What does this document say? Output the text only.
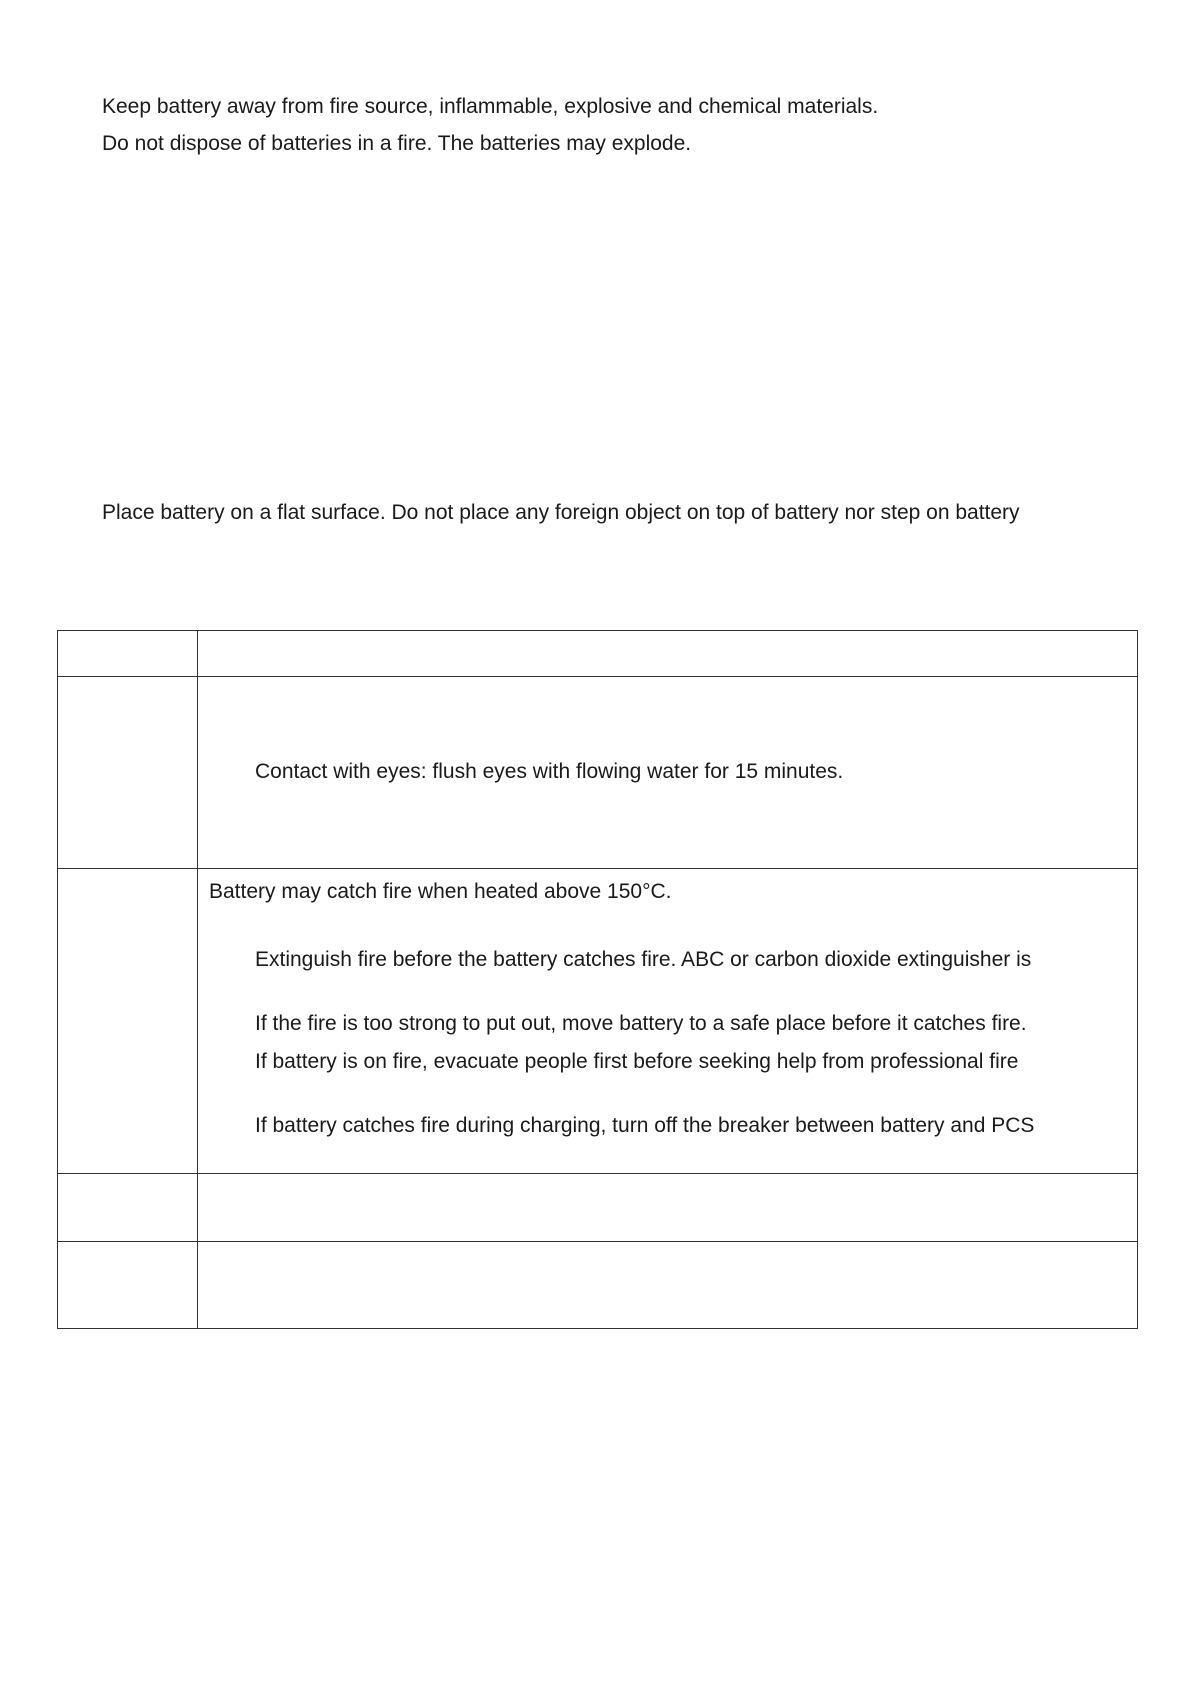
Keep battery away from fire source, inflammable, explosive and chemical materials.
Do not dispose of batteries in a fire. The batteries may explode.
Place battery on a flat surface. Do not place any foreign object on top of battery nor step on battery
Contact with eyes: flush eyes with flowing water for 15 minutes.
Battery may catch fire when heated above 150°C.
Extinguish fire before the battery catches fire. ABC or carbon dioxide extinguisher is
If the fire is too strong to put out, move battery to a safe place before it catches fire.
If battery is on fire, evacuate people first before seeking help from professional fire
If battery catches fire during charging, turn off the breaker between battery and PCS
